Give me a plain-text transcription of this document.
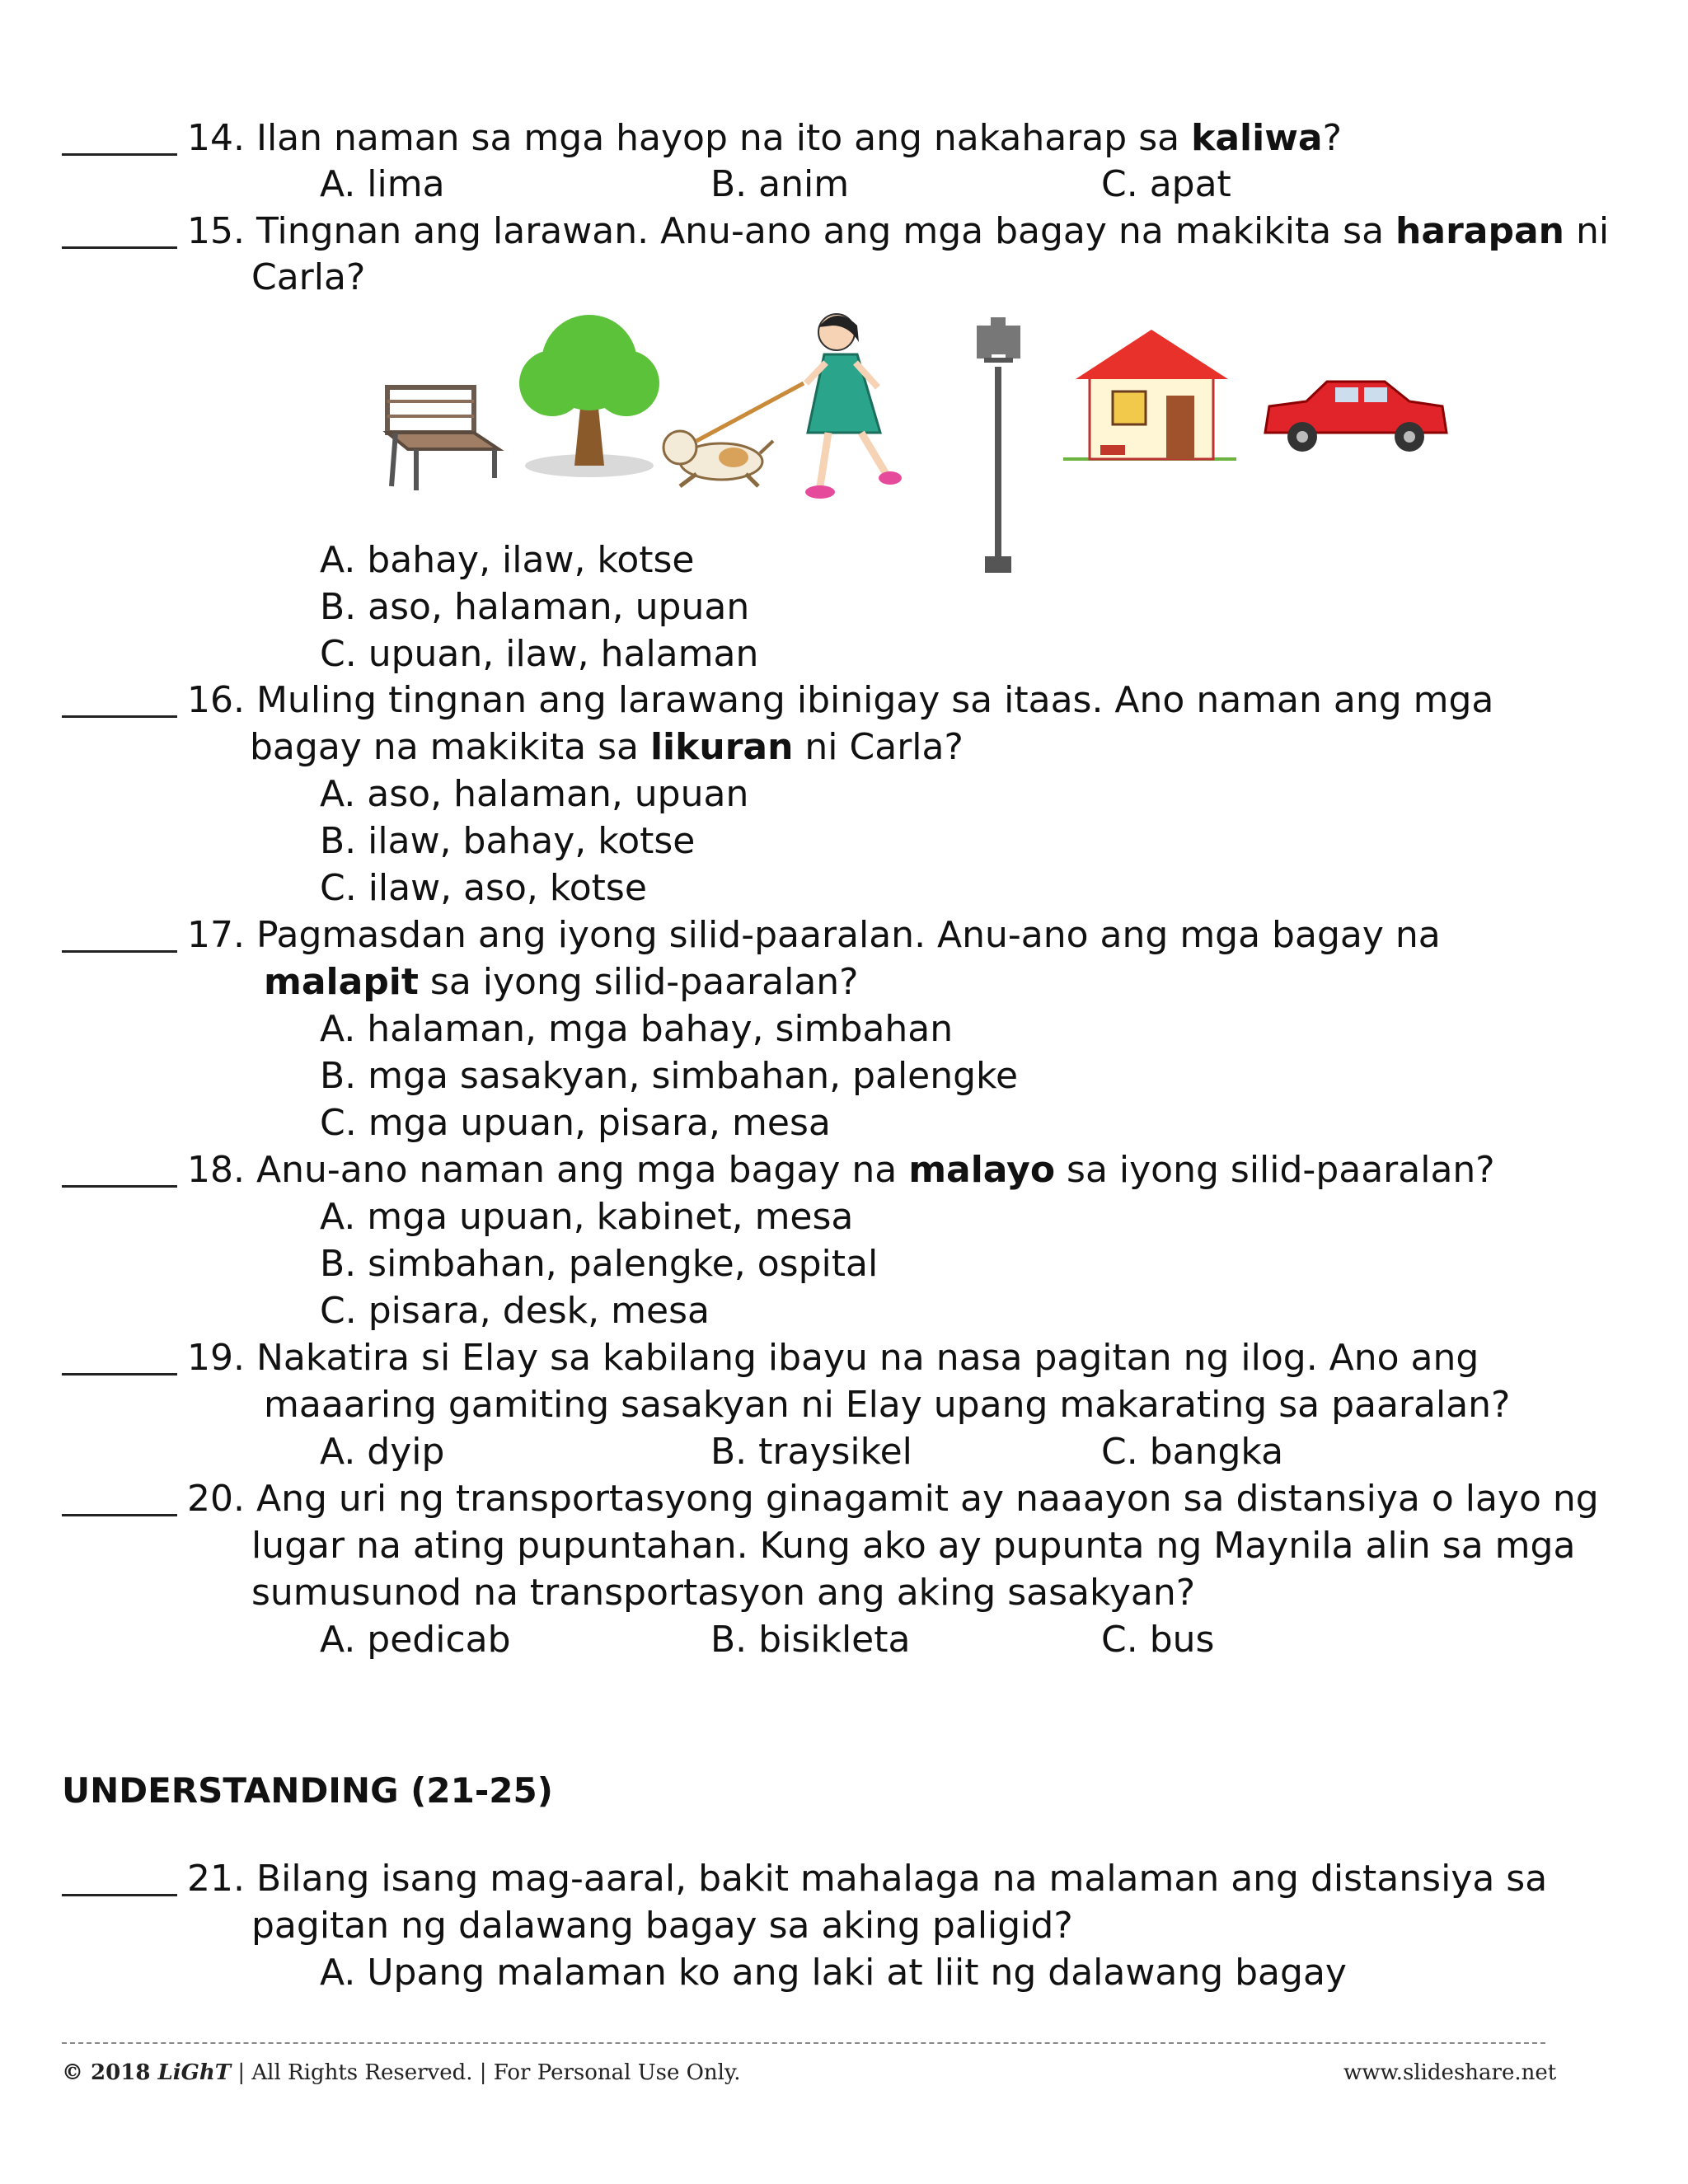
14. Ilan naman sa mga hayop na ito ang nakaharap sa kaliwa?
A. lima	B. anim	C. apat
15. Tingnan ang larawan. Anu-ano ang mga bagay na makikita sa harapan ni
Carla?
A. bahay, ilaw, kotse
B. aso, halaman, upuan
C. upuan, ilaw, halaman
16. Muling tingnan ang larawang ibinigay sa itaas. Ano naman ang mga
bagay na makikita sa likuran ni Carla?
A. aso, halaman, upuan
B. ilaw, bahay, kotse
C. ilaw, aso, kotse
17. Pagmasdan ang iyong silid-paaralan. Anu-ano ang mga bagay na
malapit sa iyong silid-paaralan?
A. halaman, mga bahay, simbahan
B. mga sasakyan, simbahan, palengke
C. mga upuan, pisara, mesa
18. Anu-ano naman ang mga bagay na malayo sa iyong silid-paaralan?
A. mga upuan, kabinet, mesa
B. simbahan, palengke, ospital
C. pisara, desk, mesa
19. Nakatira si Elay sa kabilang ibayu na nasa pagitan ng ilog. Ano ang
maaaring gamiting sasakyan ni Elay upang makarating sa paaralan?
A. dyip	B. traysikel	C. bangka
20. Ang uri ng transportasyong ginagamit ay naaayon sa distansiya o layo ng
lugar na ating pupuntahan. Kung ako ay pupunta ng Maynila alin sa mga
sumusunod na transportasyon ang aking sasakyan?
A. pedicab	B. bisikleta	C. bus
UNDERSTANDING (21-25)
21. Bilang isang mag-aaral, bakit mahalaga na malaman ang distansiya sa
pagitan ng dalawang bagay sa aking paligid?
A. Upang malaman ko ang laki at liit ng dalawang bagay
© 2018 LiGhT | All Rights Reserved. | For Personal Use Only.	www.slideshare.net
